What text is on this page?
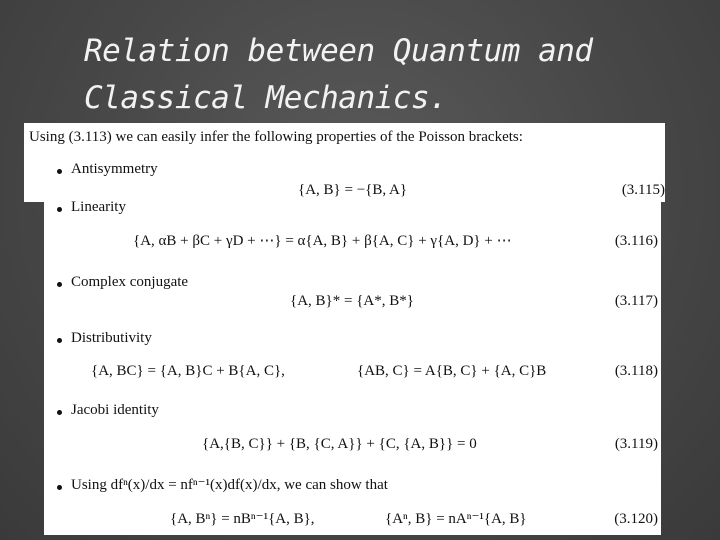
Relation between Quantum and
Classical Mechanics.
Using (3.113) we can easily infer the following properties of the Poisson brackets:
Antisymmetry
{A, B} = −{B, A}	(3.115)
Linearity
{A, αB + βC + γD + ⋯} = α{A, B} + β{A, C} + γ{A, D} + ⋯	(3.116)
Complex conjugate
{A, B}* = {A*, B*}	(3.117)
Distributivity
{A, BC} = {A, B}C + B{A, C},	{AB, C} = A{B, C} + {A, C}B	(3.118)
Jacobi identity
{A,{B, C}} + {B, {C, A}} + {C, {A, B}} = 0	(3.119)
Using dfⁿ(x)/dx = nfⁿ⁻¹(x)df(x)/dx, we can show that
{A, Bⁿ} = nBⁿ⁻¹{A, B},	{Aⁿ, B} = nAⁿ⁻¹{A, B}	(3.120)
